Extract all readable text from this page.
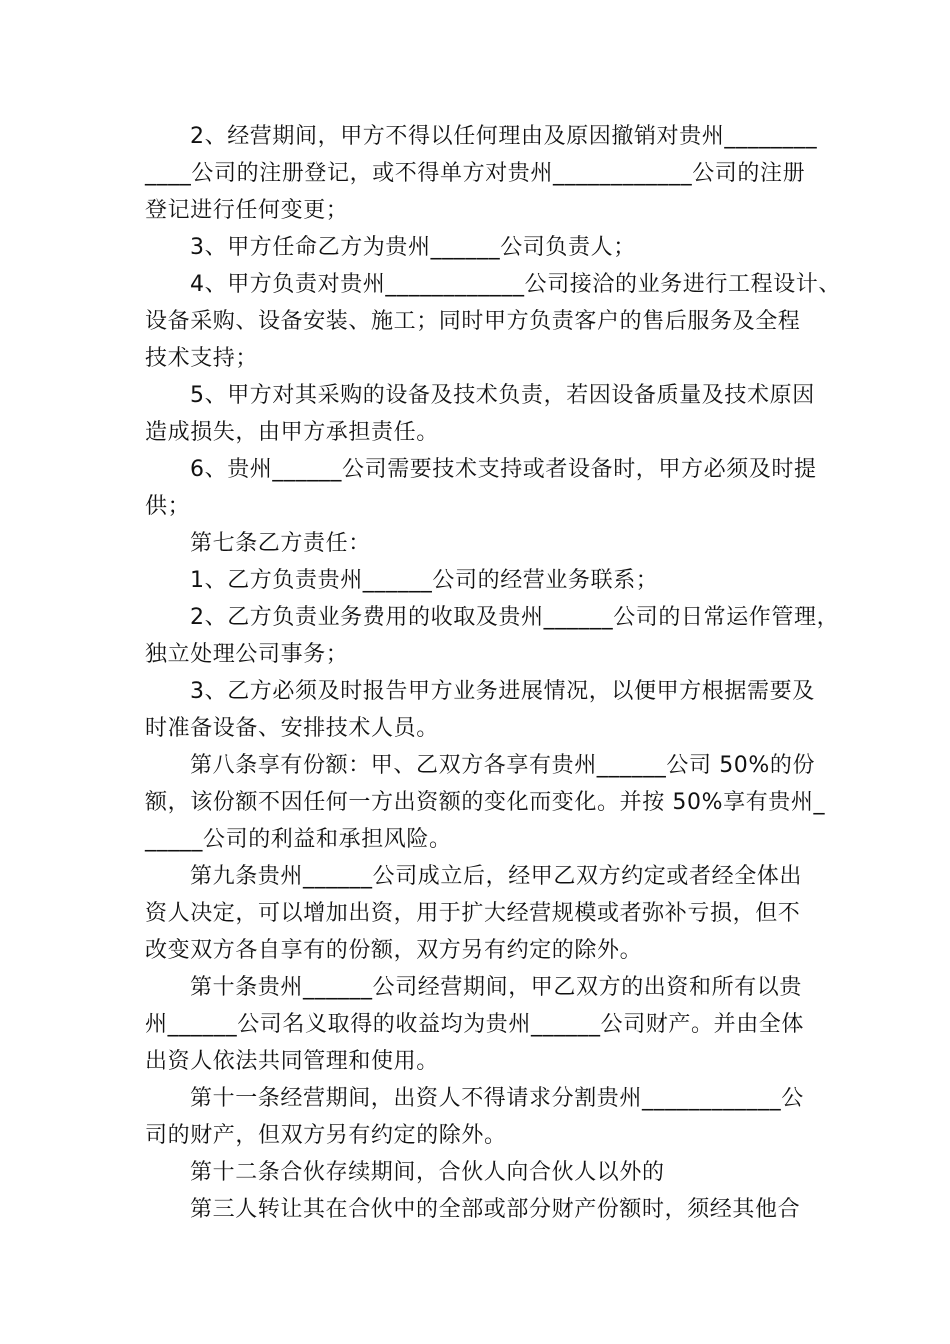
2、经营期间，甲方不得以任何理由及原因撤销对贵州________
____公司的注册登记，或不得单方对贵州____________公司的注册
登记进行任何变更；
3、甲方任命乙方为贵州______公司负责人；
4、甲方负责对贵州____________公司接洽的业务进行工程设计、
设备采购、设备安装、施工；同时甲方负责客户的售后服务及全程
技术支持；
5、甲方对其采购的设备及技术负责，若因设备质量及技术原因
造成损失，由甲方承担责任。
6、贵州______公司需要技术支持或者设备时，甲方必须及时提
供；
第七条乙方责任：
1、乙方负责贵州______公司的经营业务联系；
2、乙方负责业务费用的收取及贵州______公司的日常运作管理，
独立处理公司事务；
3、乙方必须及时报告甲方业务进展情况，以便甲方根据需要及
时准备设备、安排技术人员。
第八条享有份额：甲、乙双方各享有贵州______公司 50%的份
额，该份额不因任何一方出资额的变化而变化。并按 50%享有贵州_
_____公司的利益和承担风险。
第九条贵州______公司成立后，经甲乙双方约定或者经全体出
资人决定，可以增加出资，用于扩大经营规模或者弥补亏损，但不
改变双方各自享有的份额，双方另有约定的除外。
第十条贵州______公司经营期间，甲乙双方的出资和所有以贵
州______公司名义取得的收益均为贵州______公司财产。并由全体
出资人依法共同管理和使用。
第十一条经营期间，出资人不得请求分割贵州____________公
司的财产，但双方另有约定的除外。
第十二条合伙存续期间，合伙人向合伙人以外的
第三人转让其在合伙中的全部或部分财产份额时，须经其他合
